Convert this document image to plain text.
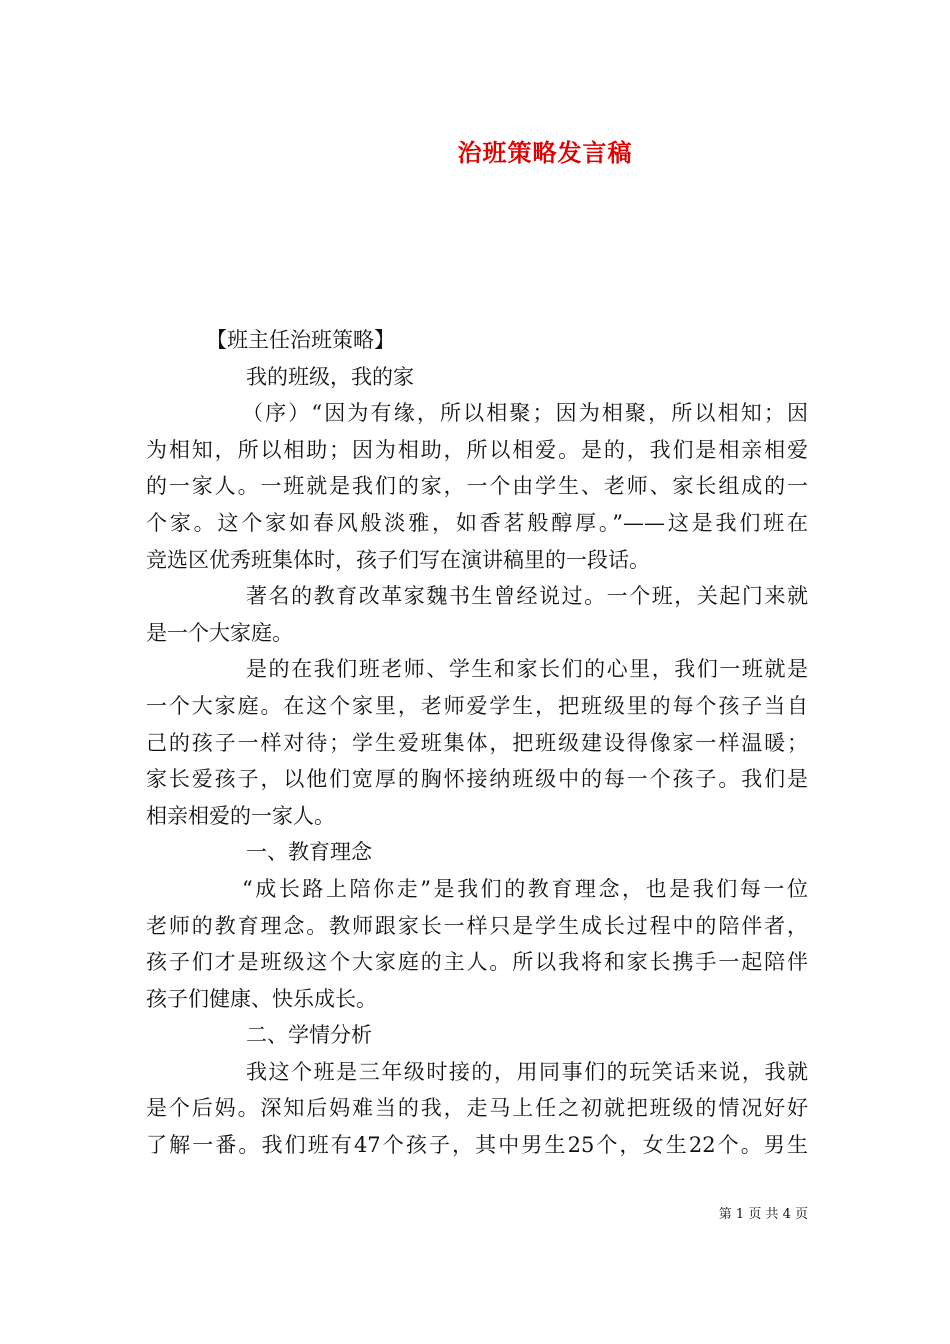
治班策略发言稿
【班主任治班策略】
我的班级，我的家
（序）“因为有缘，所以相聚；因为相聚，所以相知；因
为相知，所以相助；因为相助，所以相爱。是的，我们是相亲相爱
的一家人。一班就是我们的家，一个由学生、老师、家长组成的一
个家。这个家如春风般淡雅，如香茗般醇厚。”——这是我们班在
竞选区优秀班集体时，孩子们写在演讲稿里的一段话。
著名的教育改革家魏书生曾经说过。一个班，关起门来就
是一个大家庭。
是的在我们班老师、学生和家长们的心里，我们一班就是
一个大家庭。在这个家里，老师爱学生，把班级里的每个孩子当自
己的孩子一样对待；学生爱班集体，把班级建设得像家一样温暖；
家长爱孩子，以他们宽厚的胸怀接纳班级中的每一个孩子。我们是
相亲相爱的一家人。
一、教育理念
“成长路上陪你走”是我们的教育理念，也是我们每一位
老师的教育理念。教师跟家长一样只是学生成长过程中的陪伴者，
孩子们才是班级这个大家庭的主人。所以我将和家长携手一起陪伴
孩子们健康、快乐成长。
二、学情分析
我这个班是三年级时接的，用同事们的玩笑话来说，我就
是个后妈。深知后妈难当的我，走马上任之初就把班级的情况好好
了解一番。我们班有47个孩子，其中男生25个，女生22个。男生
第 1 页 共 4 页
